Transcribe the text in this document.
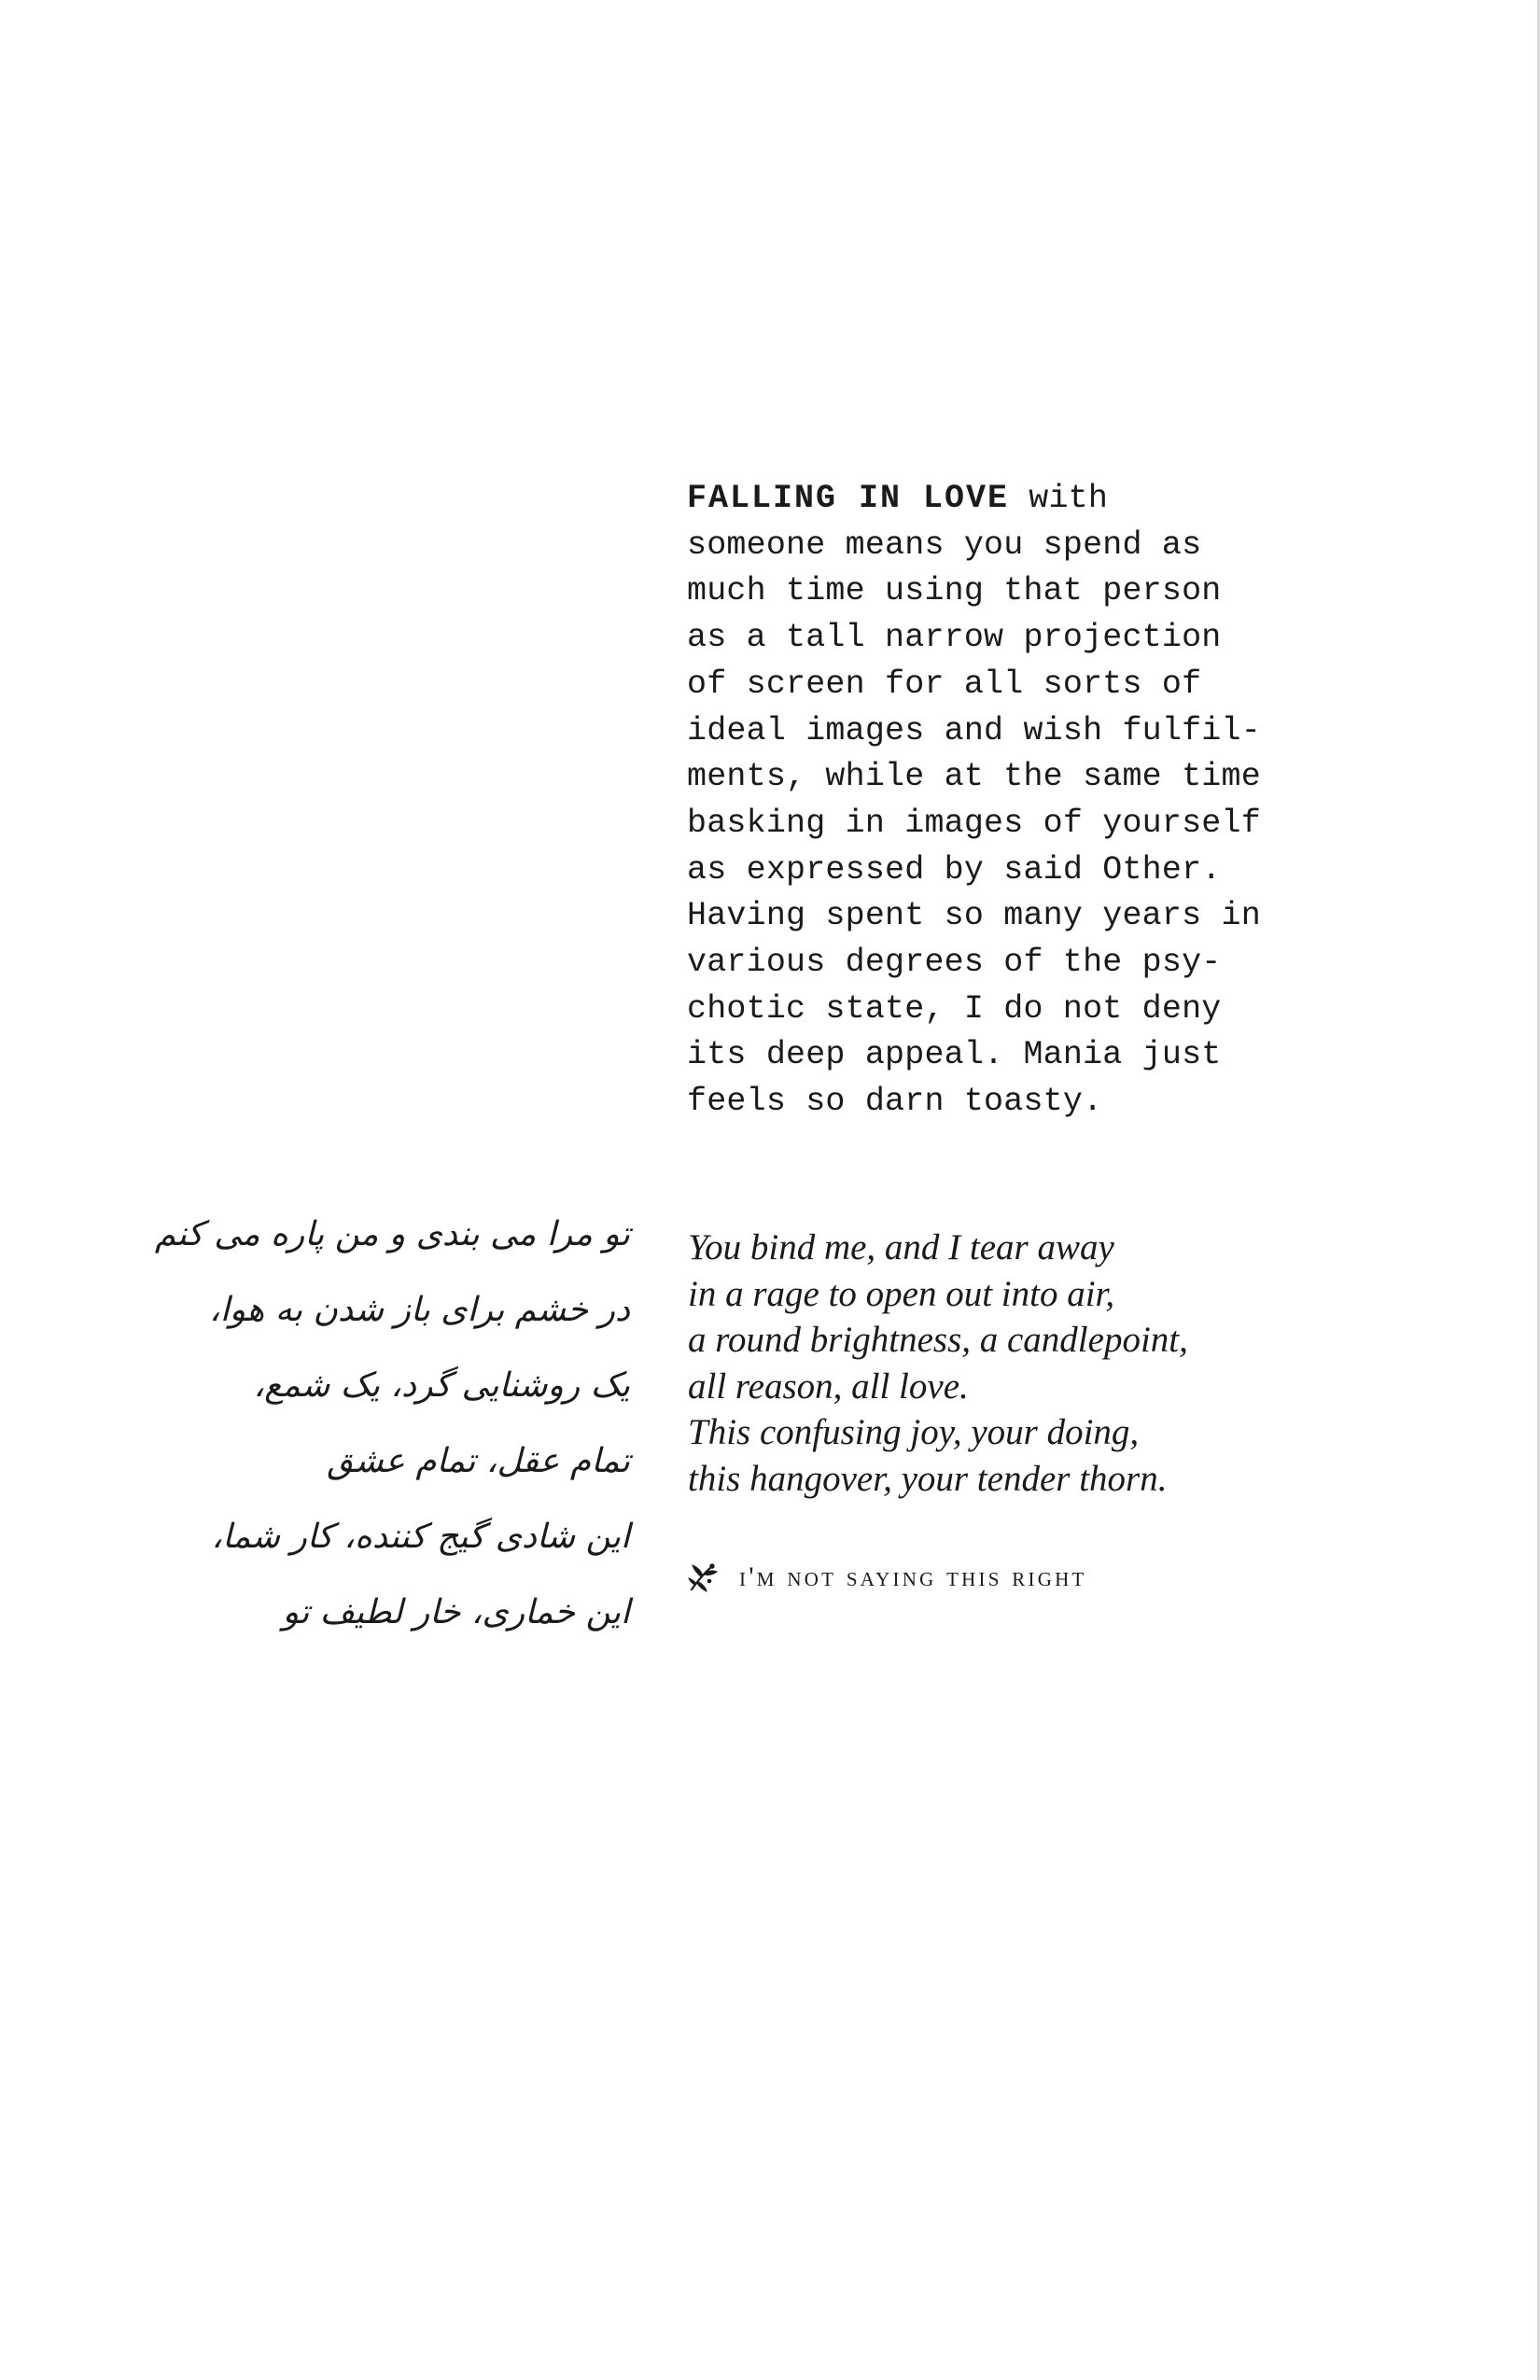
FALLING IN LOVE with
someone means you spend as
much time using that person
as a tall narrow projection
of screen for all sorts of
ideal images and wish fulfil-
ments, while at the same time
basking in images of yourself
as expressed by said Other.
Having spent so many years in
various degrees of the psy-
chotic state, I do not deny
its deep appeal. Mania just
feels so darn toasty.
تو مرا می بندی و من پاره می کنم
در خشم برای باز شدن به هوا،
یک روشنایی گرد، یک شمع،
تمام عقل، تمام عشق
این شادی گیج کننده، کار شما،
این خماری، خار لطیف تو
You bind me, and I tear away
in a rage to open out into air,
a round brightness, a candlepoint,
all reason, all love.
This confusing joy, your doing,
this hangover, your tender thorn.
i'm not saying this right
